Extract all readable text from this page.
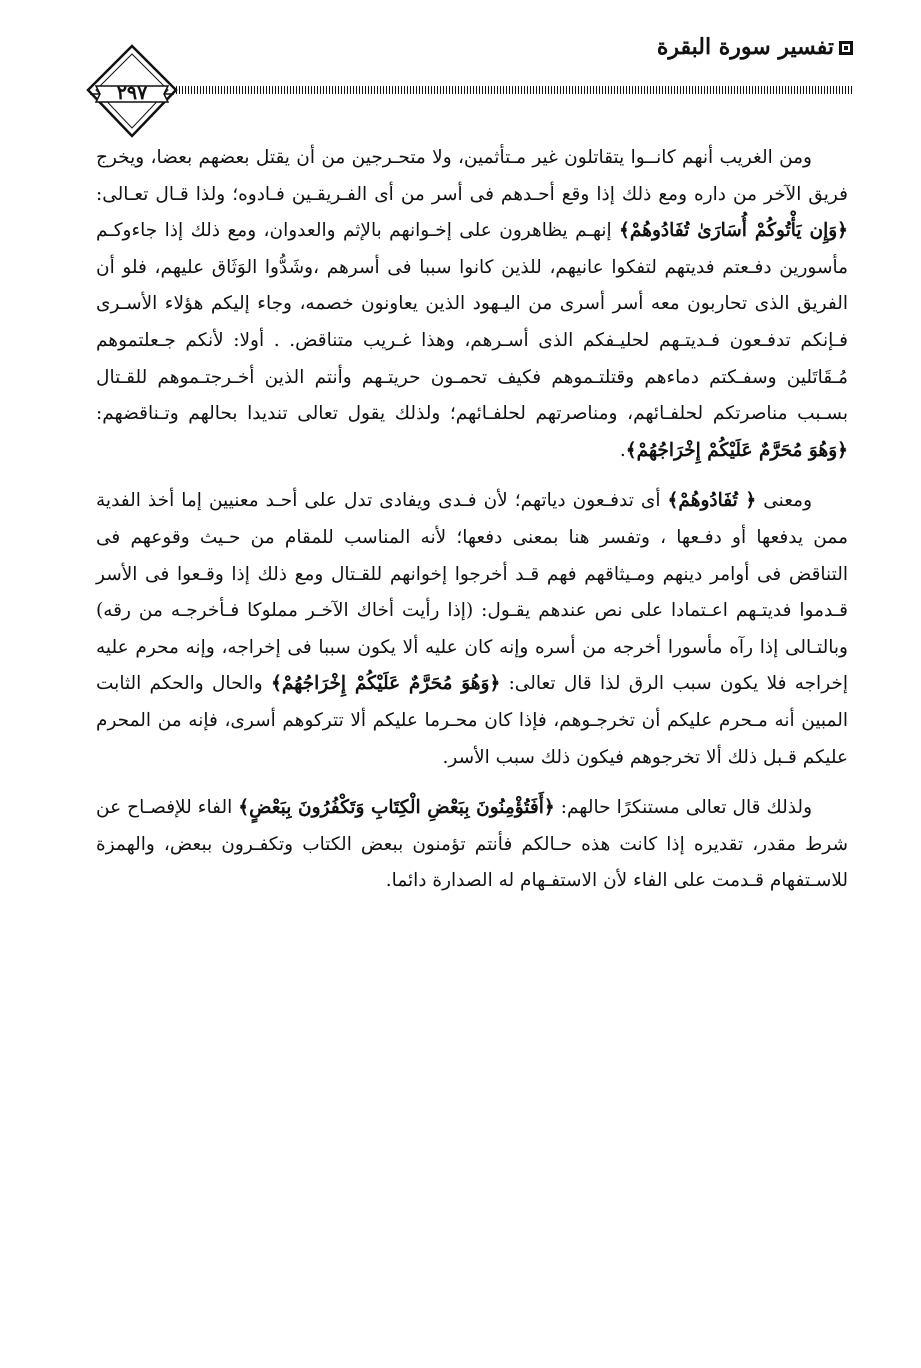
تفسير سورة البقرة
٢٩٧

ومن الغريب أنهم كانــوا يتقاتلون غير مـتأثمين، ولا متحـرجين من أن يقتل بعضهم بعضا، ويخرج فريق الآخر من داره ومع ذلك إذا وقع أحـدهم فى أسر من أى الفـريقـين فـادوه؛ ولذا قـال تعـالى: ﴿وَإِن يَأْتُوكُمْ أُسَارَىٰ تُفَادُوهُمْ﴾ إنهـم يظاهرون على إخـوانهم بالإثم والعدوان، ومع ذلك إذا جاءوكـم مأسورين دفـعتم فديتهم لتفكوا عانيهم، للذين كانوا سببا فى أسرهم ،وشَدُّوا الوَثَاق عليهم، فلو أن الفريق الذى تحاربون معه أسر أسرى من اليـهود الذين يعاونون خصمه، وجاء إليكم هؤلاء الأسـرى فـإنكم تدفـعون فـديتـهم لحليـفكم الذى أسـرهم، وهذا غـريب متناقض. . أولا: لأنكم جـعلتموهم مُـقَاتَلين وسفـكتم دماءهم وقتلتـموهم فكيف تحمـون حريتـهم وأنتم الذين أخـرجتـموهم للقـتال بسـبب مناصرتكم لحلفـائهم، ومناصرتهم لحلفـائهم؛ ولذلك يقول تعالى تنديدا بحالهم وتـناقضهم: ﴿وَهُوَ مُحَرَّمٌ عَلَيْكُمْ إِخْرَاجُهُمْ﴾.

ومعنى ﴿ تُفَادُوهُمْ﴾ أى تدفـعون دياتهم؛ لأن فـدى ويفادى تدل على أحـد معنيين إما أخذ الفدية ممن يدفعها أو دفـعها ، وتفسر هنا بمعنى دفعها؛ لأنه المناسب للمقام من حـيث وقوعهم فى التناقض فى أوامر دينهم ومـيثاقهم فهم قـد أخرجوا إخوانهم للقـتال ومع ذلك إذا وقـعوا فى الأسر قـدموا فديتـهم اعـتمادا على نص عندهم يقـول: (إذا رأيت أخاك الآخـر مملوكا فـأخرجـه من رقه) وبالتـالى إذا رآه مأسورا أخرجه من أسره وإنه كان عليه ألا يكون سببا فى إخراجه، وإنه محرم عليه إخراجه فلا يكون سبب الرق لذا قال تعالى: ﴿وَهُوَ مُحَرَّمٌ عَلَيْكُمْ إِخْرَاجُهُمْ﴾ والحال والحكم الثابت المبين أنه مـحرم عليكم أن تخرجـوهم، فإذا كان محـرما عليكم ألا تتركوهم أسرى، فإنه من المحرم عليكم قـبل ذلك ألا تخرجوهم فيكون ذلك سبب الأسر.

ولذلك قال تعالى مستنكرًا حالهم: ﴿أَفَتُؤْمِنُونَ بِبَعْضِ الْكِتَابِ وَتَكْفُرُونَ بِبَعْضٍ﴾ الفاء للإفصـاح عن شرط مقدر، تقديره إذا كانت هذه حـالكم فأنتم تؤمنون ببعض الكتاب وتكفـرون ببعض، والهمزة للاسـتفهام قـدمت على الفاء لأن الاستفـهام له الصدارة دائما.
